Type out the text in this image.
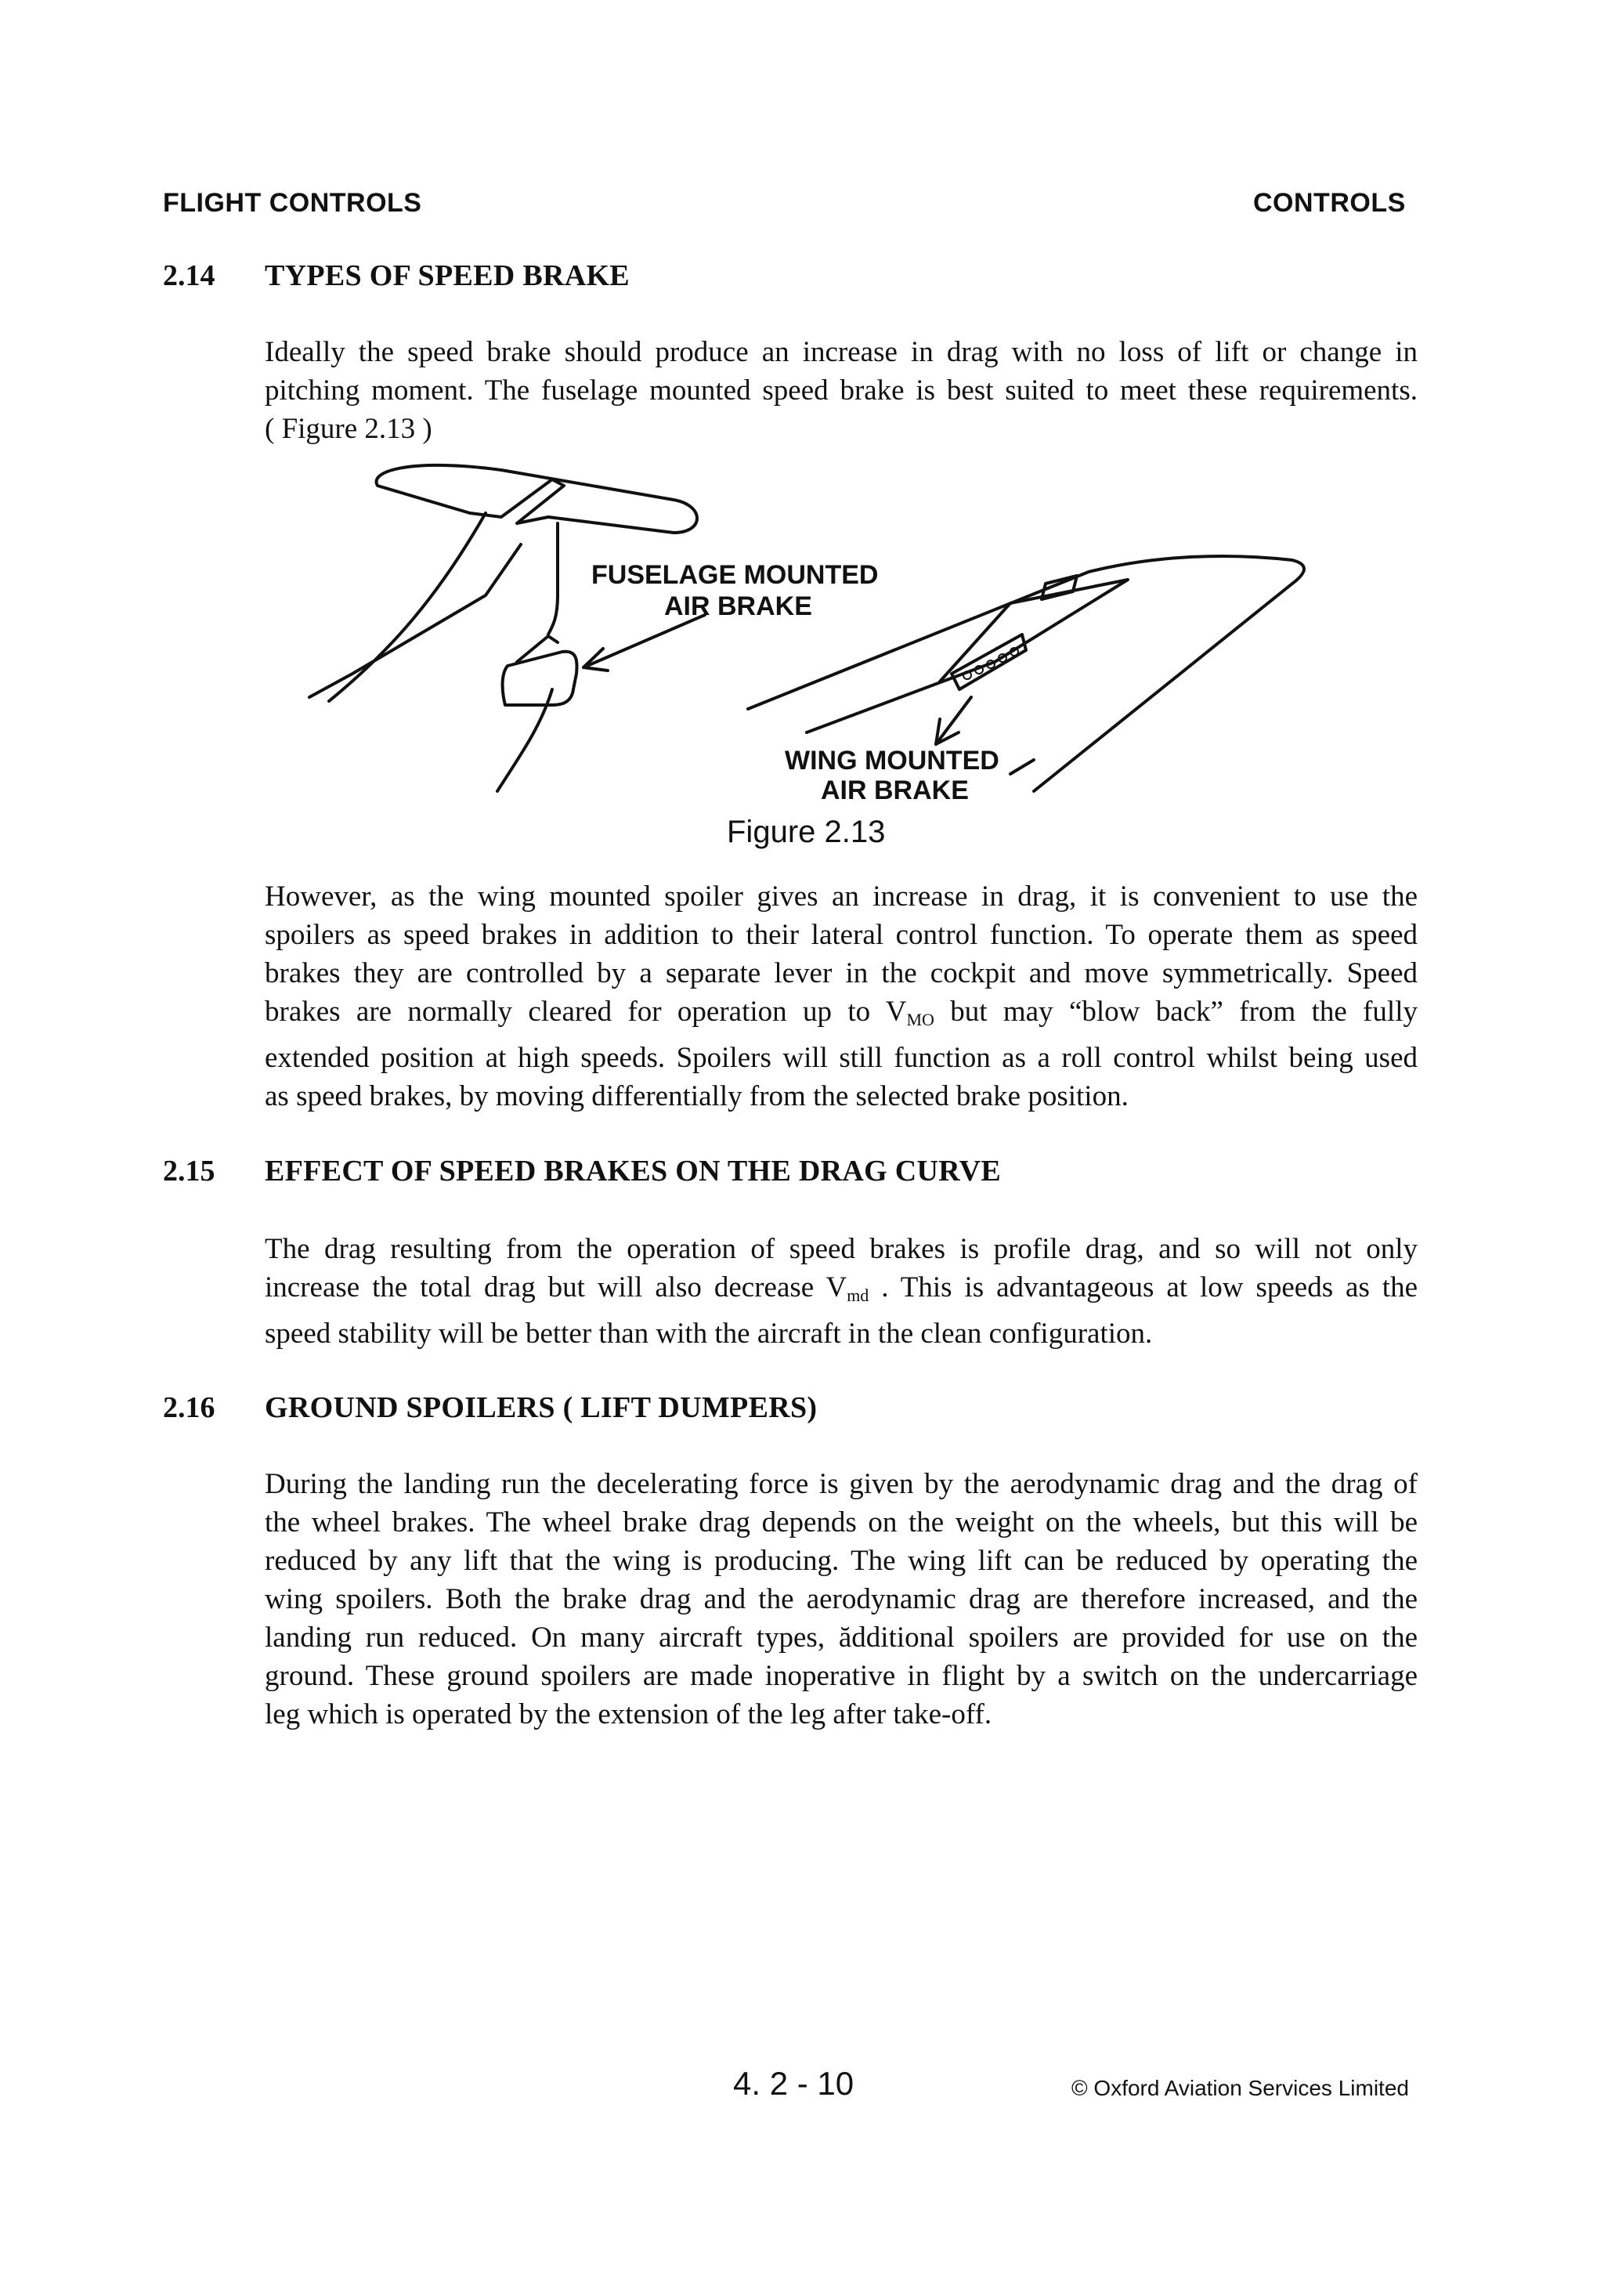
FLIGHT CONTROLS	CONTROLS
2.14 TYPES OF SPEED BRAKE
Ideally the speed brake should produce an increase in drag with no loss of lift or change in
pitching moment. The fuselage mounted speed brake is best suited to meet these requirements.
( Figure 2.13 )
FUSELAGE MOUNTED
AIR BRAKE
WING MOUNTED
AIR BRAKE
Figure 2.13
However, as the wing mounted spoiler gives an increase in drag, it is convenient to use the
spoilers as speed brakes in addition to their lateral control function. To operate them as speed
brakes they are controlled by a separate lever in the cockpit and move symmetrically. Speed
brakes are normally cleared for operation up to $V_{MO}$ but may “blow back” from the fully
extended position at high speeds. Spoilers will still function as a roll control whilst being used
as speed brakes, by moving differentially from the selected brake position.
2.15 EFFECT OF SPEED BRAKES ON THE DRAG CURVE
The drag resulting from the operation of speed brakes is profile drag, and so will not only
increase the total drag but will also decrease $V_{md}$ . This is advantageous at low speeds as the
speed stability will be better than with the aircraft in the clean configuration.
2.16 GROUND SPOILERS ( LIFT DUMPERS)
During the landing run the decelerating force is given by the aerodynamic drag and the drag of
the wheel brakes. The wheel brake drag depends on the weight on the wheels, but this will be
reduced by any lift that the wing is producing. The wing lift can be reduced by operating the
wing spoilers. Both the brake drag and the aerodynamic drag are therefore increased, and the
landing run reduced. On many aircraft types, ădditional spoilers are provided for use on the
ground. These ground spoilers are made inoperative in flight by a switch on the undercarriage
leg which is operated by the extension of the leg after take-off.
4. 2 - 10	© Oxford Aviation Services Limited
